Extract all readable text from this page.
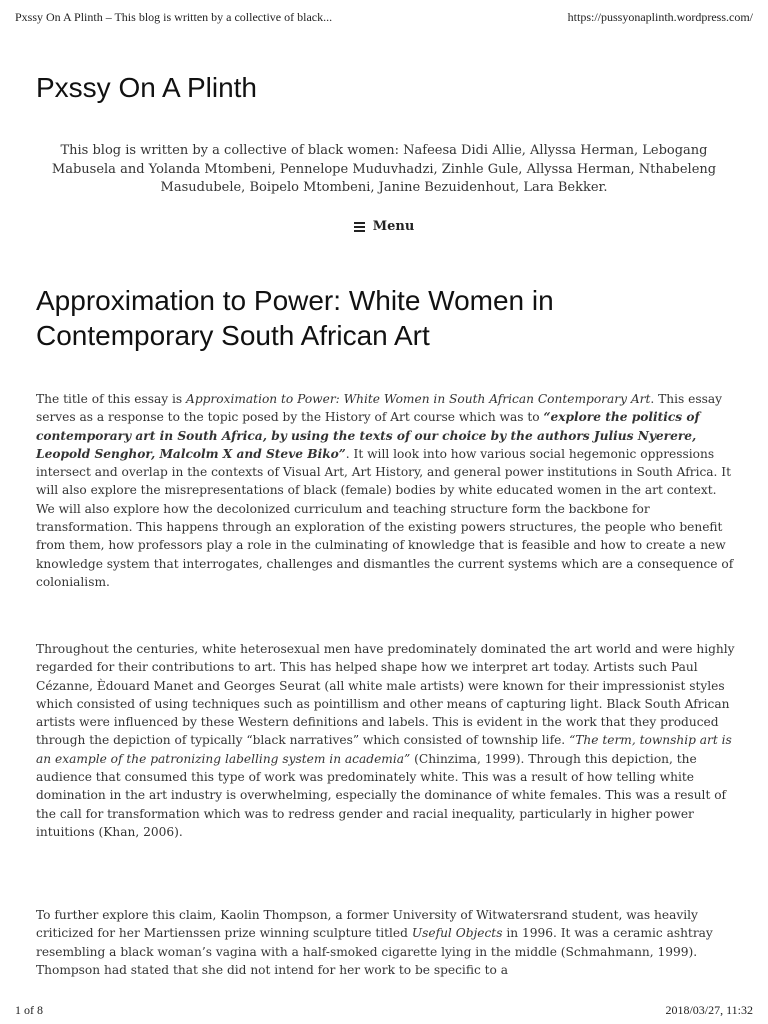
Pxssy On A Plinth – This blog is written by a collective of black...	https://pussyonaplinth.wordpress.com/
Pxssy On A Plinth

This blog is written by a collective of black women: Nafeesa Didi Allie, Allyssa Herman, Lebogang Mabusela and Yolanda Mtombeni, Pennelope Muduvhadzi, Zinhle Gule, Allyssa Herman, Nthabeleng Masudubele, Boipelo Mtombeni, Janine Bezuidenhout, Lara Bekker.

Menu
Approximation to Power: White Women in Contemporary South African Art

The title of this essay is Approximation to Power: White Women in South African Contemporary Art. This essay serves as a response to the topic posed by the History of Art course which was to “explore the politics of contemporary art in South Africa, by using the texts of our choice by the authors Julius Nyerere, Leopold Senghor, Malcolm X and Steve Biko”. It will look into how various social hegemonic oppressions intersect and overlap in the contexts of Visual Art, Art History, and general power institutions in South Africa. It will also explore the misrepresentations of black (female) bodies by white educated women in the art context. We will also explore how the decolonized curriculum and teaching structure form the backbone for transformation. This happens through an exploration of the existing powers structures, the people who benefit from them, how professors play a role in the culminating of knowledge that is feasible and how to create a new knowledge system that interrogates, challenges and dismantles the current systems which are a consequence of colonialism.

Throughout the centuries, white heterosexual men have predominately dominated the art world and were highly regarded for their contributions to art. This has helped shape how we interpret art today. Artists such Paul Cézanne, Èdouard Manet and Georges Seurat (all white male artists) were known for their impressionist styles which consisted of using techniques such as pointillism and other means of capturing light. Black South African artists were influenced by these Western definitions and labels. This is evident in the work that they produced through the depiction of typically “black narratives” which consisted of township life. “The term, township art is an example of the patronizing labelling system in academia” (Chinzima, 1999). Through this depiction, the audience that consumed this type of work was predominately white. This was a result of how telling white domination in the art industry is overwhelming, especially the dominance of white females. This was a result of the call for transformation which was to redress gender and racial inequality, particularly in higher power intuitions (Khan, 2006).

To further explore this claim, Kaolin Thompson, a former University of Witwatersrand student, was heavily criticized for her Martienssen prize winning sculpture titled Useful Objects in 1996. It was a ceramic ashtray resembling a black woman’s vagina with a half-smoked cigarette lying in the middle (Schmahmann, 1999). Thompson had stated that she did not intend for her work to be specific to a

1 of 8	2018/03/27, 11:32
